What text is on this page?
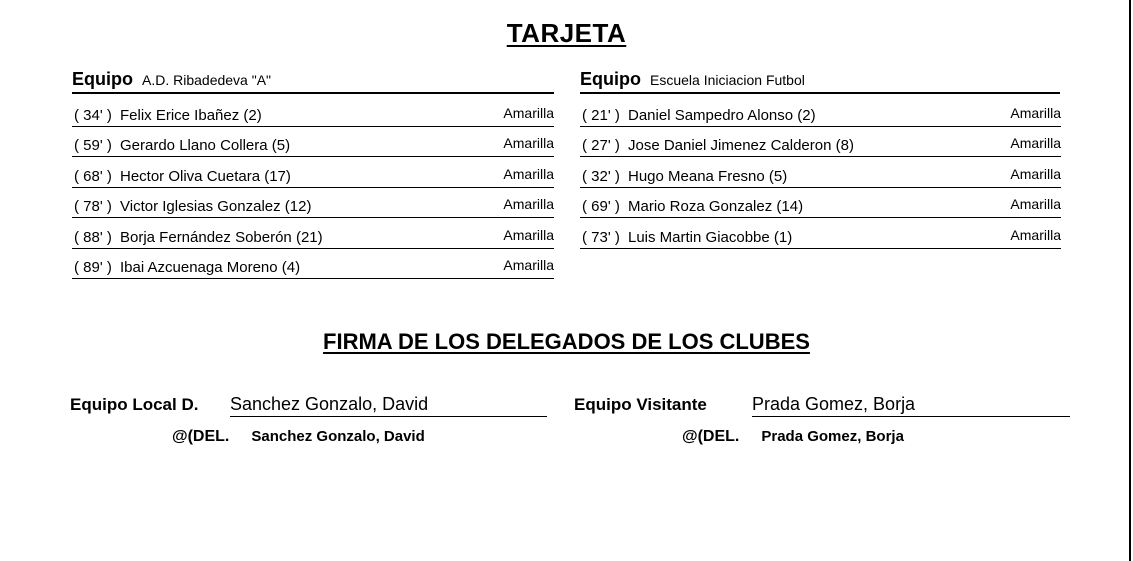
TARJETA
Equipo A.D. Ribadedeva "A"
( 34' ) Felix Erice Ibañez (2)	Amarilla
( 59' ) Gerardo Llano Collera (5)	Amarilla
( 68' ) Hector Oliva Cuetara (17)	Amarilla
( 78' ) Victor Iglesias Gonzalez (12)	Amarilla
( 88' ) Borja Fernández Soberón (21)	Amarilla
( 89' ) Ibai Azcuenaga Moreno (4)	Amarilla
Equipo Escuela Iniciacion Futbol
( 21' ) Daniel Sampedro Alonso (2)	Amarilla
( 27' ) Jose Daniel Jimenez Calderon (8)	Amarilla
( 32' ) Hugo Meana Fresno (5)	Amarilla
( 69' ) Mario Roza Gonzalez (14)	Amarilla
( 73' ) Luis Martin Giacobbe (1)	Amarilla
FIRMA DE LOS DELEGADOS DE LOS CLUBES
Equipo Local D. Sanchez Gonzalo, David	Equipo Visitante	Prada Gomez, Borja
@(DEL. Sanchez Gonzalo, David	@(DEL. Prada Gomez, Borja
